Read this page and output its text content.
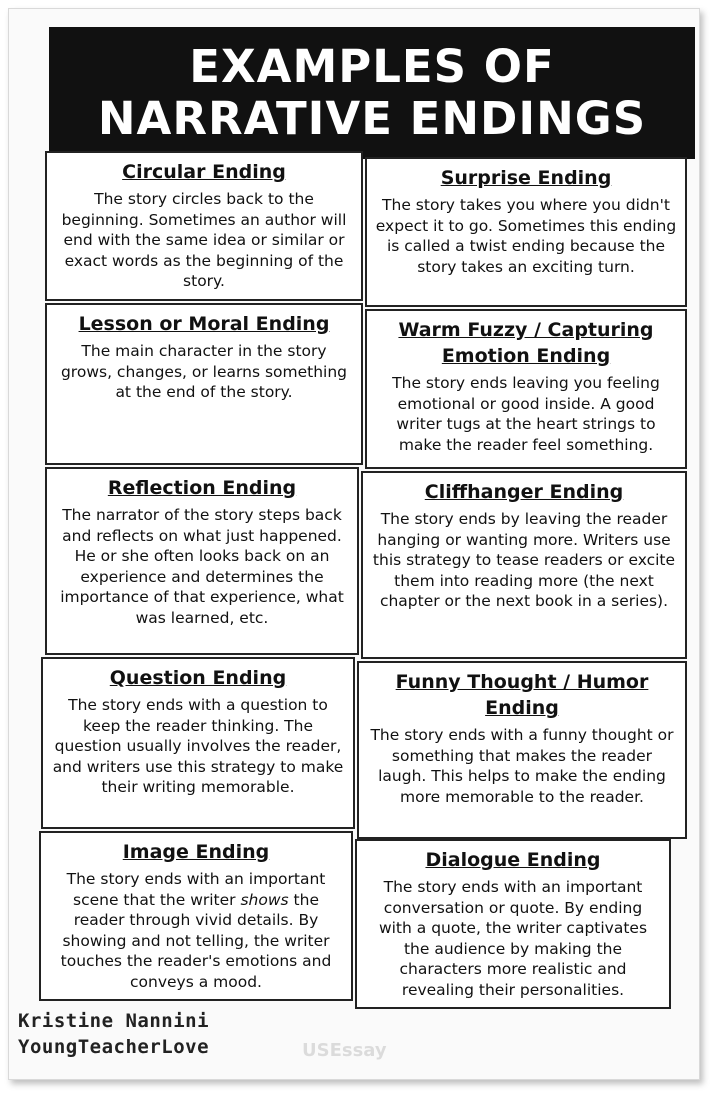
EXAMPLES OF
NARRATIVE ENDINGS
Circular Ending

The story circles back to the beginning. Sometimes an author will end with the same idea or similar or exact words as the beginning of the story.

Surprise Ending

The story takes you where you didn't expect it to go. Sometimes this ending is called a twist ending because the story takes an exciting turn.

Lesson or Moral Ending

The main character in the story grows, changes, or learns something at the end of the story.

Warm Fuzzy / Capturing Emotion Ending

The story ends leaving you feeling emotional or good inside. A good writer tugs at the heart strings to make the reader feel something.

Reflection Ending

The narrator of the story steps back and reflects on what just happened. He or she often looks back on an experience and determines the importance of that experience, what was learned, etc.

Cliffhanger Ending

The story ends by leaving the reader hanging or wanting more. Writers use this strategy to tease readers or excite them into reading more (the next chapter or the next book in a series).

Question Ending

The story ends with a question to keep the reader thinking. The question usually involves the reader, and writers use this strategy to make their writing memorable.

Funny Thought / Humor Ending

The story ends with a funny thought or something that makes the reader laugh. This helps to make the ending more memorable to the reader.

Image Ending

The story ends with an important scene that the writer shows the reader through vivid details. By showing and not telling, the writer touches the reader's emotions and conveys a mood.

Dialogue Ending

The story ends with an important conversation or quote. By ending with a quote, the writer captivates the audience by making the characters more realistic and revealing their personalities.

Kristine Nannini
YoungTeacherLove	USEssay
